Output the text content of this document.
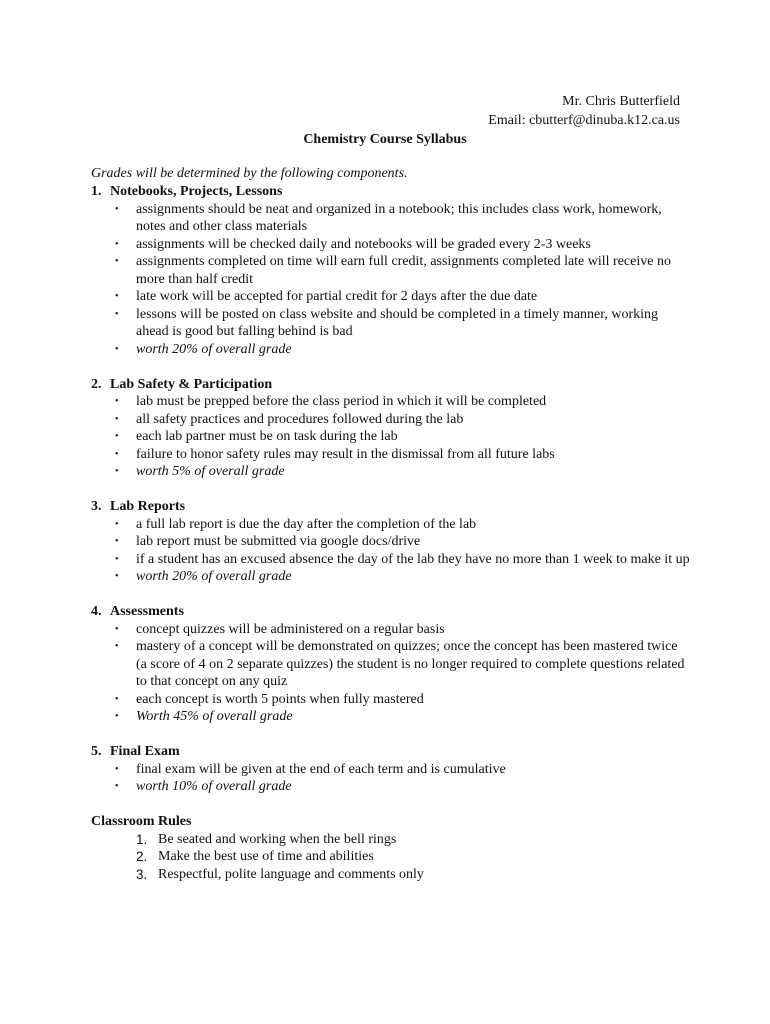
Mr. Chris Butterfield
Email: cbutterf@dinuba.k12.ca.us
Chemistry Course Syllabus
Grades will be determined by the following components.
1. Notebooks, Projects, Lessons
• assignments should be neat and organized in a notebook; this includes class work, homework, notes and other class materials
• assignments will be checked daily and notebooks will be graded every 2-3 weeks
• assignments completed on time will earn full credit, assignments completed late will receive no more than half credit
• late work will be accepted for partial credit for 2 days after the due date
• lessons will be posted on class website and should be completed in a timely manner, working ahead is good but falling behind is bad
• worth 20% of overall grade
2. Lab Safety & Participation
• lab must be prepped before the class period in which it will be completed
• all safety practices and procedures followed during the lab
• each lab partner must be on task during the lab
• failure to honor safety rules may result in the dismissal from all future labs
• worth 5% of overall grade
3. Lab Reports
• a full lab report is due the day after the completion of the lab
• lab report must be submitted via google docs/drive
• if a student has an excused absence the day of the lab they have no more than 1 week to make it up
• worth 20% of overall grade
4. Assessments
• concept quizzes will be administered on a regular basis
• mastery of a concept will be demonstrated on quizzes; once the concept has been mastered twice (a score of 4 on 2 separate quizzes) the student is no longer required to complete questions related to that concept on any quiz
• each concept is worth 5 points when fully mastered
• Worth 45% of overall grade
5. Final Exam
• final exam will be given at the end of each term and is cumulative
• worth 10% of overall grade
Classroom Rules
1. Be seated and working when the bell rings
2. Make the best use of time and abilities
3. Respectful, polite language and comments only
